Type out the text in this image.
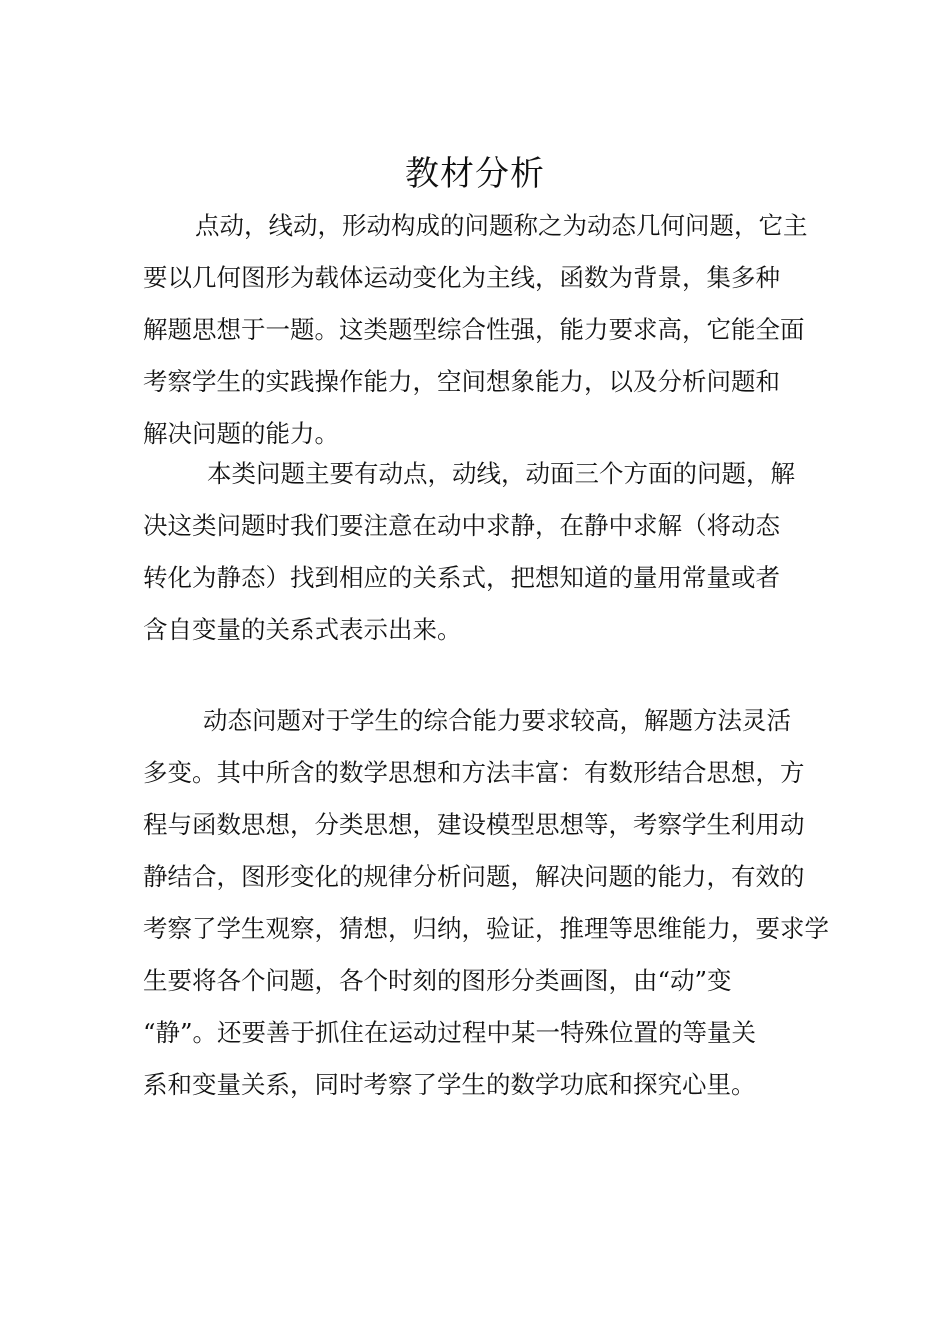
教材分析
点动，线动，形动构成的问题称之为动态几何问题，它主
要以几何图形为载体运动变化为主线，函数为背景，集多种
解题思想于一题。这类题型综合性强，能力要求高，它能全面
考察学生的实践操作能力，空间想象能力，以及分析问题和
解决问题的能力。
本类问题主要有动点，动线，动面三个方面的问题，解
决这类问题时我们要注意在动中求静，在静中求解（将动态
转化为静态）找到相应的关系式，把想知道的量用常量或者
含自变量的关系式表示出来。
动态问题对于学生的综合能力要求较高，解题方法灵活
多变。其中所含的数学思想和方法丰富：有数形结合思想，方
程与函数思想，分类思想，建设模型思想等，考察学生利用动
静结合，图形变化的规律分析问题，解决问题的能力，有效的
考察了学生观察，猜想，归纳，验证，推理等思维能力，要求学
生要将各个问题，各个时刻的图形分类画图，由“动”变
“静”。还要善于抓住在运动过程中某一特殊位置的等量关
系和变量关系，同时考察了学生的数学功底和探究心里。
